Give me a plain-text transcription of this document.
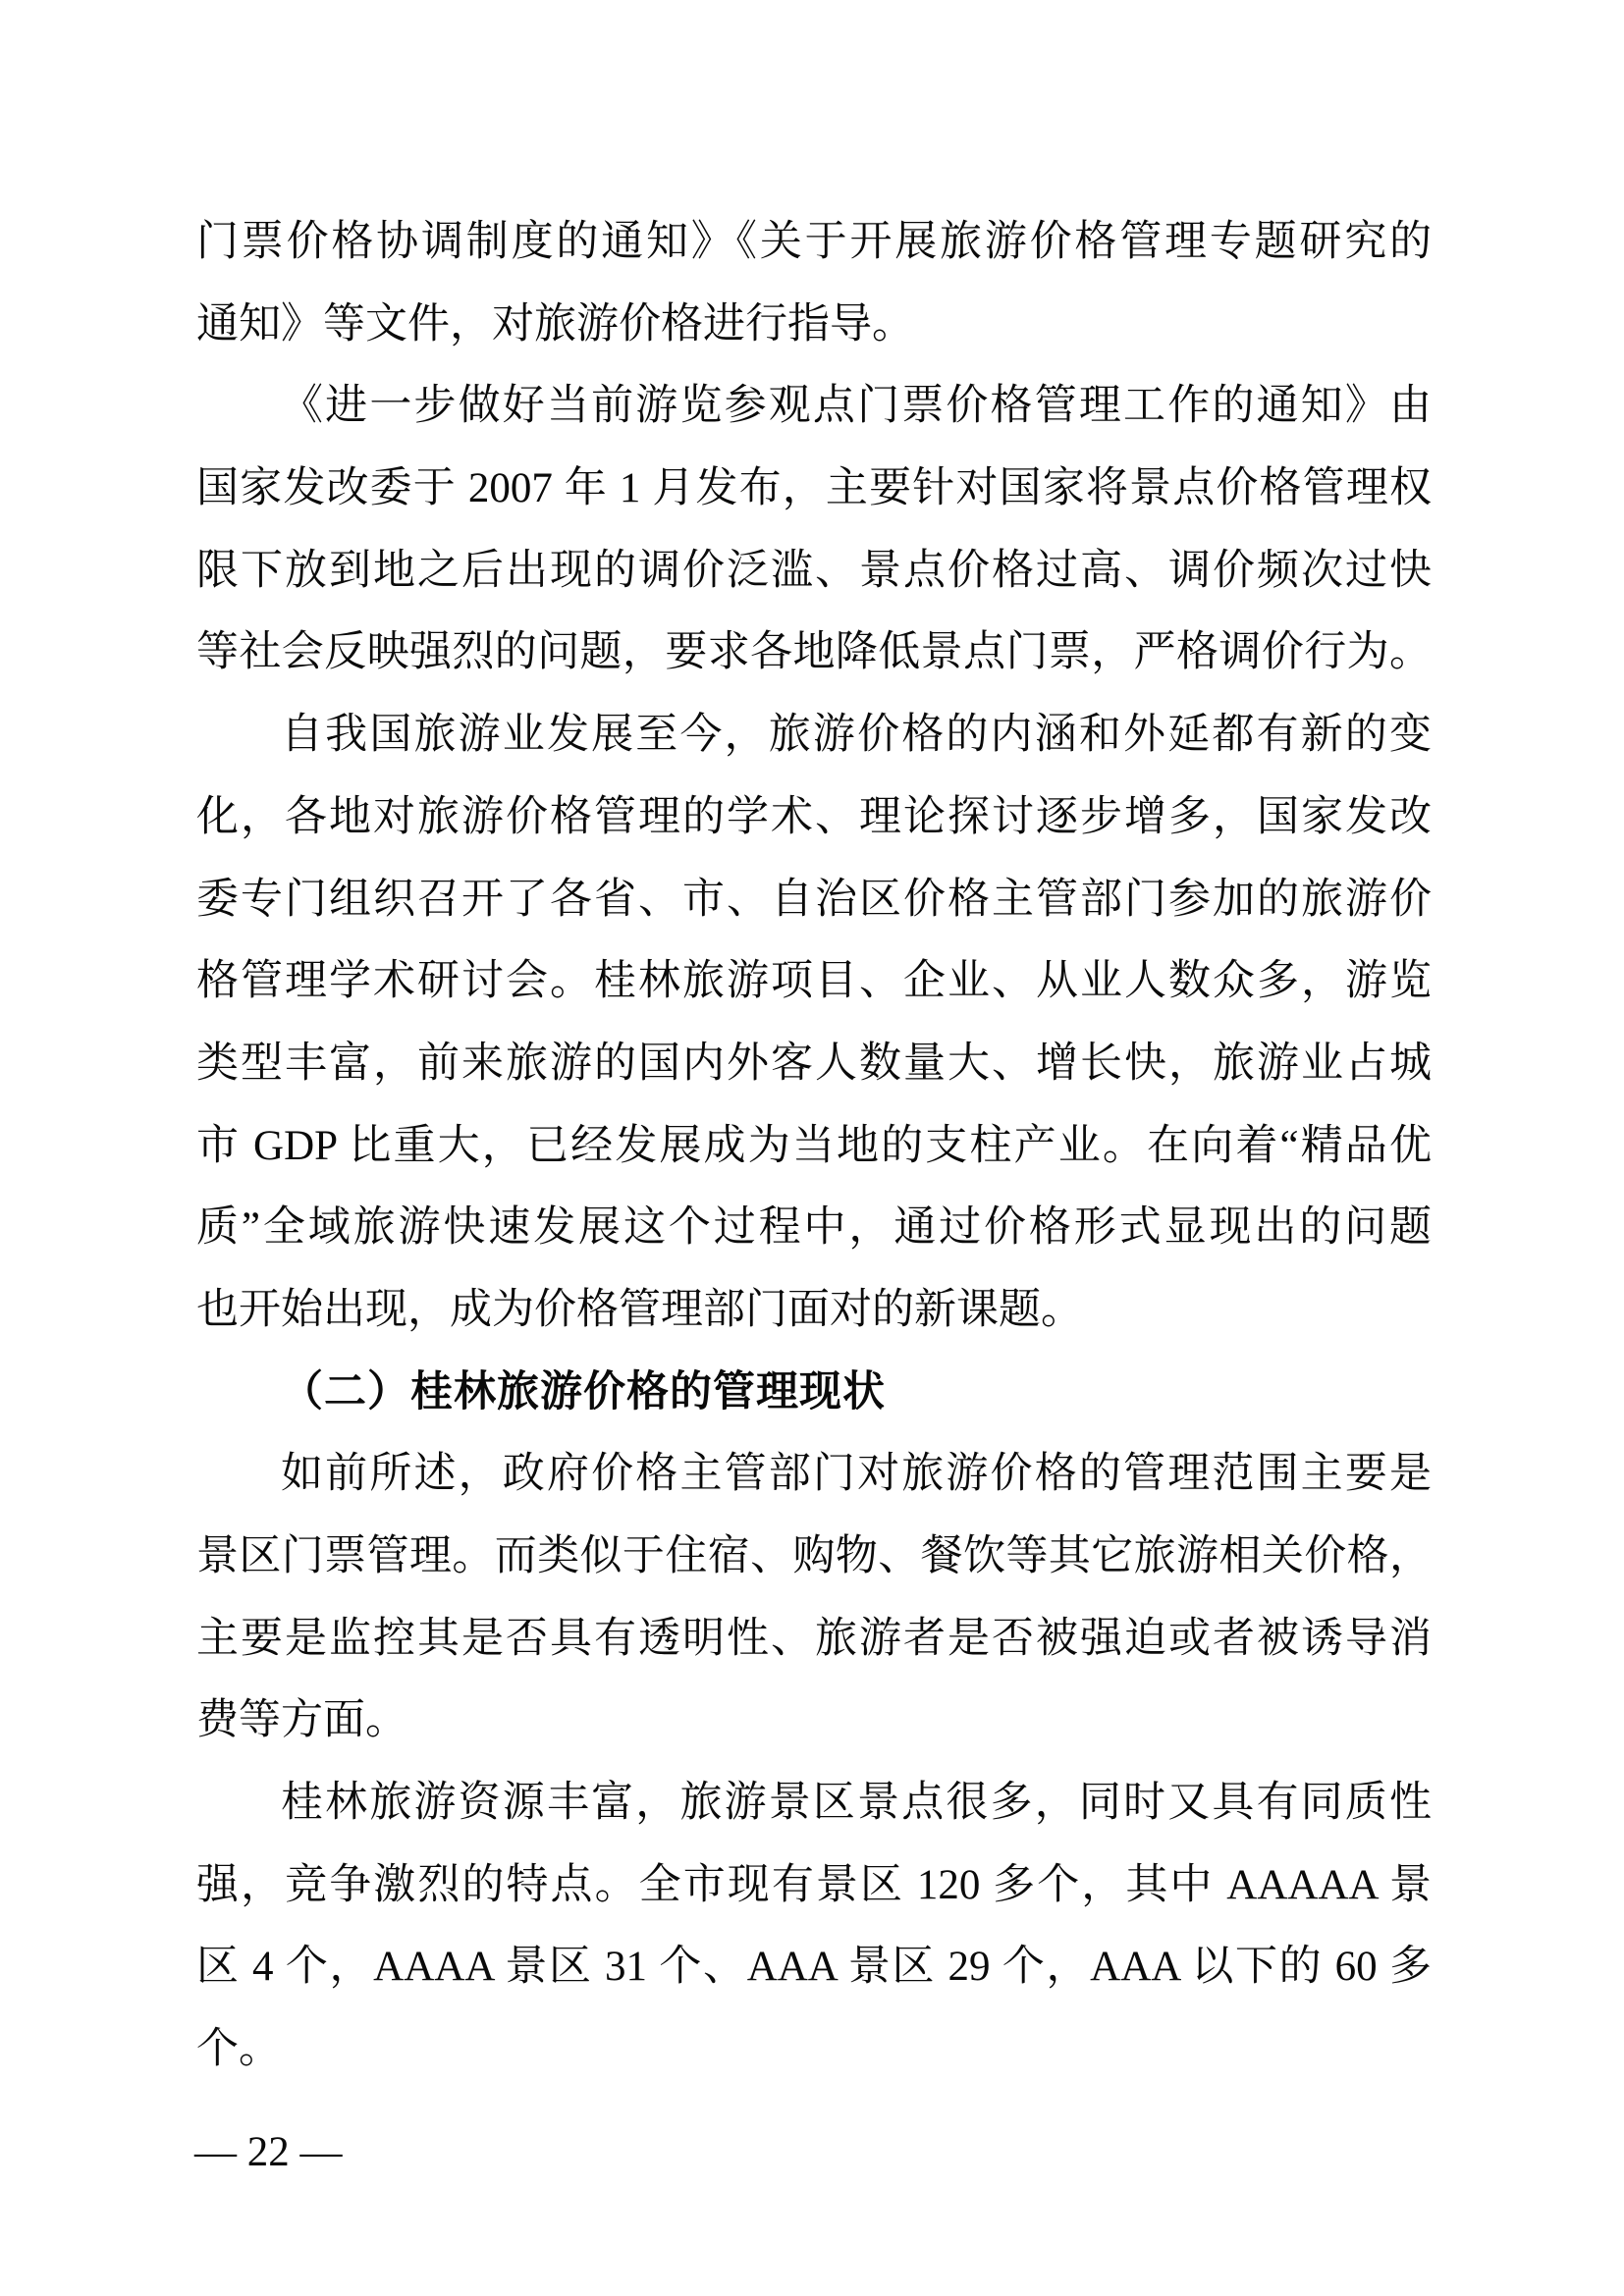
门票价格协调制度的通知》《关于开展旅游价格管理专题研究的
通知》等文件，对旅游价格进行指导。
《进一步做好当前游览参观点门票价格管理工作的通知》由
国家发改委于 2007 年 1 月发布，主要针对国家将景点价格管理权
限下放到地之后出现的调价泛滥、景点价格过高、调价频次过快
等社会反映强烈的问题，要求各地降低景点门票，严格调价行为。
自我国旅游业发展至今，旅游价格的内涵和外延都有新的变
化，各地对旅游价格管理的学术、理论探讨逐步增多，国家发改
委专门组织召开了各省、市、自治区价格主管部门参加的旅游价
格管理学术研讨会。桂林旅游项目、企业、从业人数众多，游览
类型丰富，前来旅游的国内外客人数量大、增长快，旅游业占城
市 GDP 比重大，已经发展成为当地的支柱产业。在向着“精品优
质”全域旅游快速发展这个过程中，通过价格形式显现出的问题
也开始出现，成为价格管理部门面对的新课题。
（二）桂林旅游价格的管理现状
如前所述，政府价格主管部门对旅游价格的管理范围主要是
景区门票管理。而类似于住宿、购物、餐饮等其它旅游相关价格，
主要是监控其是否具有透明性、旅游者是否被强迫或者被诱导消
费等方面。
桂林旅游资源丰富，旅游景区景点很多，同时又具有同质性
强，竞争激烈的特点。全市现有景区 120 多个，其中 AAAAA 景
区 4 个，AAAA 景区 31 个、AAA 景区 29 个，AAA 以下的 60 多
个。
— 22 —
